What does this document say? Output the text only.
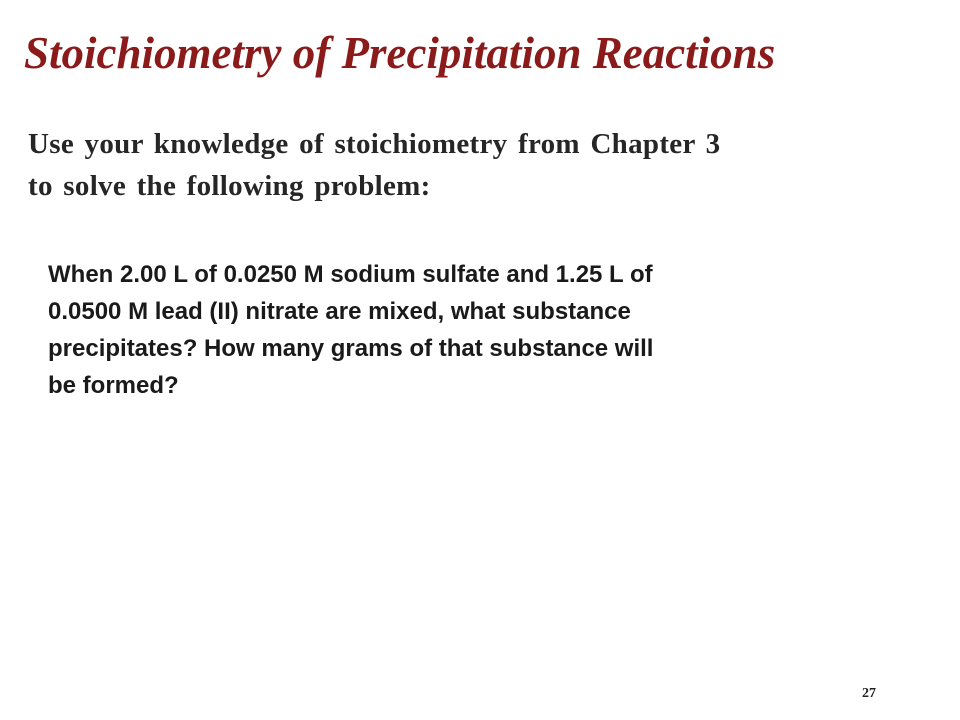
Stoichiometry of Precipitation Reactions

Use your knowledge of stoichiometry from Chapter 3
to solve the following problem:

When 2.00 L of 0.0250 M sodium sulfate and 1.25 L of
0.0500 M lead (II) nitrate are mixed, what substance
precipitates? How many grams of that substance will
be formed?

27
